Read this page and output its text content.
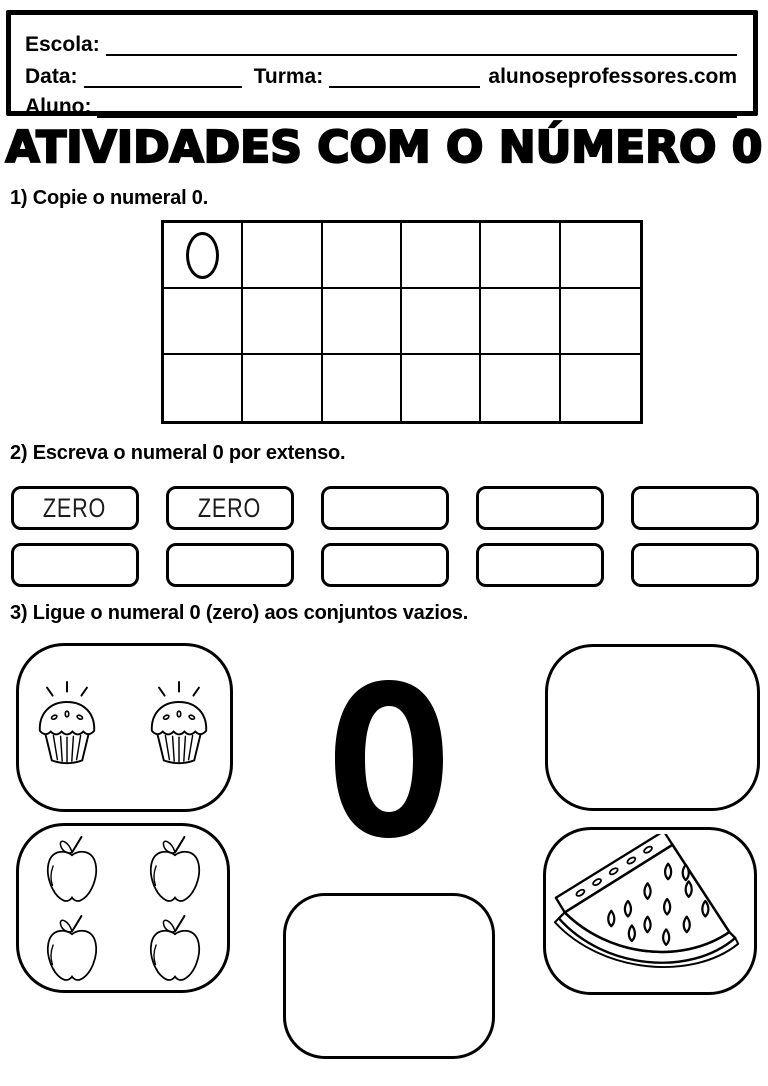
Escola:
Data:	Turma:	alunoseprofessores.com
Aluno:
ATIVIDADES COM O NÚMERO 0
1) Copie o numeral 0.
2) Escreva o numeral 0 por extenso.
ZERO	ZERO
3) Ligue o numeral 0 (zero) aos conjuntos vazios.
